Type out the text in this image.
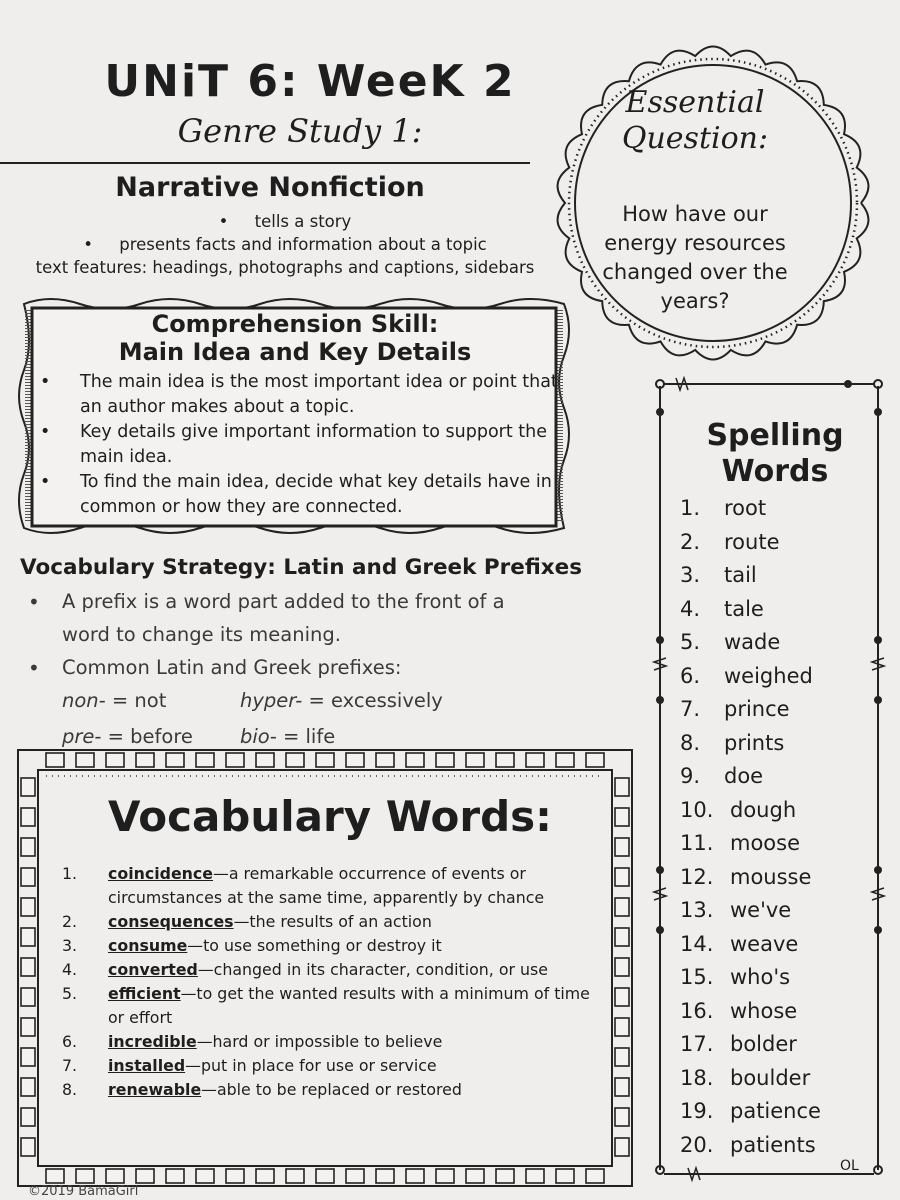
UNiT 6: WeeK 2
Genre Study 1:
Narrative Nonfiction
•     tells a story
•     presents facts and information about a topic
text features: headings, photographs and captions, sidebars
Essential
Question:
How have our energy resources changed over the years?
Comprehension Skill:
Main Idea and Key Details
• The main idea is the most important idea or point that an author makes about a topic.
• Key details give important information to support the main idea.
• To find the main idea, decide what key details have in common or how they are connected.
Vocabulary Strategy: Latin and Greek Prefixes
• A prefix is a word part added to the front of a
word to change its meaning.
• Common Latin and Greek prefixes:
non- = not	hyper- = excessively
pre- = before bio- = life
Vocabulary Words:
1. coincidence—a remarkable occurrence of events or circumstances at the same time, apparently by chance
2. consequences—the results of an action
3. consume—to use something or destroy it
4. converted—changed in its character, condition, or use
5. efficient—to get the wanted results with a minimum of time or effort
6. incredible—hard or impossible to believe
7. installed—put in place for use or service
8. renewable—able to be replaced or restored
Spelling
Words
1.	root
2.	route
3.	tail
4.	tale
5.	wade
6.	weighed
7.	prince
8.	prints
9.	doe
10. dough
11. moose
12. mousse
13. we've
14. weave
15. who's
16. whose
17. bolder
18. boulder
19. patience
20. patients
OL
©2019 BamaGirl
